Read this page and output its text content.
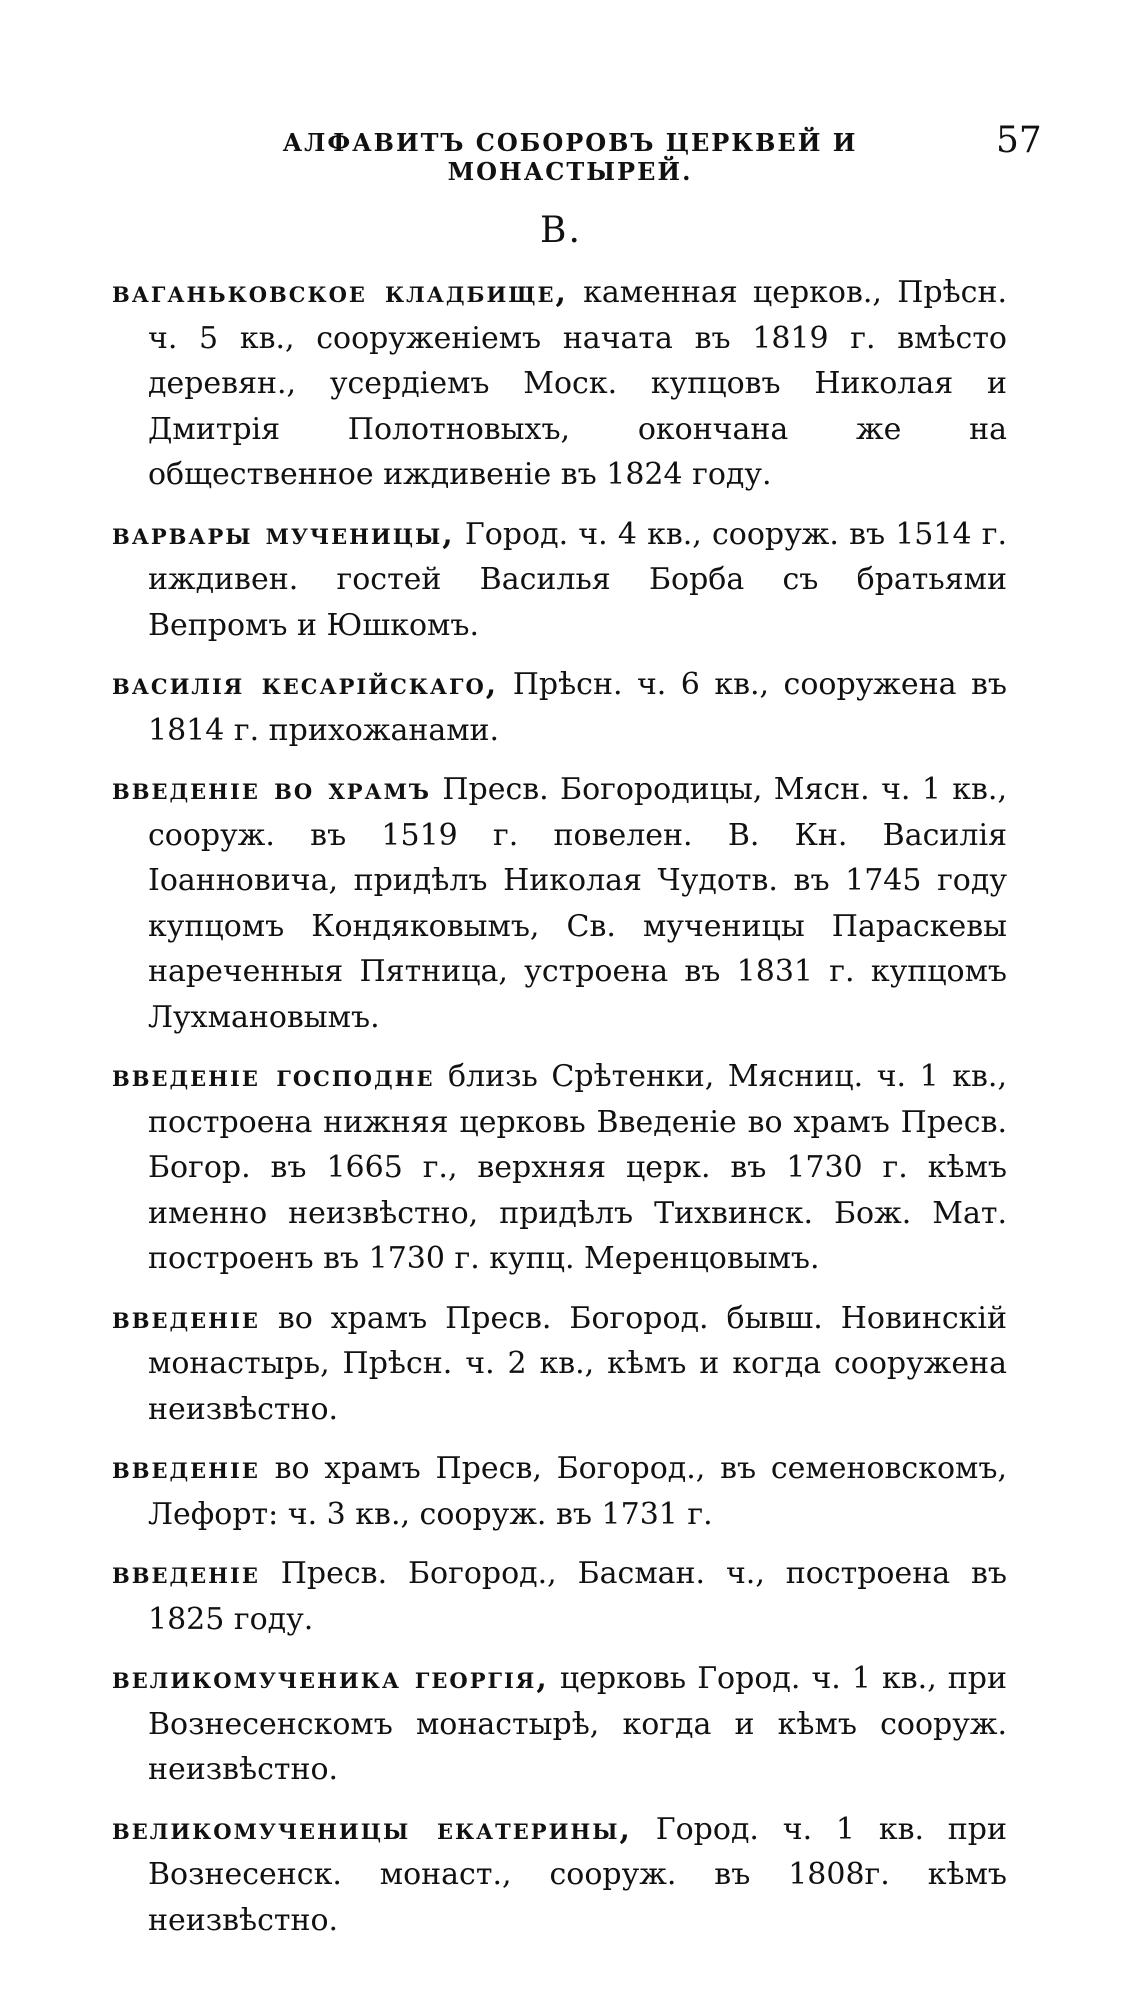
АЛФАВИТЪ СОБОРОВЪ ЦЕРКВЕЙ И МОНАСТЫРЕЙ.
57
В.

ваганьковское кладбище, каменная церков., Прѣсн. ч. 5 кв., сооруженіемъ начата въ 1819 г. вмѣсто деревян., усердіемъ Моск. купцовъ Николая и Дмитрія Полотновыхъ, окончана же на общественное иждивеніе въ 1824 году.

варвары мученицы, Город. ч. 4 кв., сооруж. въ 1514 г. иждивен. гостей Василья Борба съ братьями Вепромъ и Юшкомъ.

василія кесарійскаго, Прѣсн. ч. 6 кв., сооружена въ 1814 г. прихожанами.

введеніе во храмъ Пресв. Богородицы, Мясн. ч. 1 кв., сооруж. въ 1519 г. повелен. В. Кн. Василія Іоанновича, придѣлъ Николая Чудотв. въ 1745 году купцомъ Кондяковымъ, Св. мученицы Параскевы нареченныя Пятница, устроена въ 1831 г. купцомъ Лухмановымъ.

введеніе господне близь Срѣтенки, Мясниц. ч. 1 кв., построена нижняя церковь Введеніе во храмъ Пресв. Богор. въ 1665 г., верхняя церк. въ 1730 г. кѣмъ именно неизвѣстно, придѣлъ Тихвинск. Бож. Мат. построенъ въ 1730 г. купц. Меренцовымъ.

введеніе во храмъ Пресв. Богород. бывш. Новинскій монастырь, Прѣсн. ч. 2 кв., кѣмъ и когда сооружена неизвѣстно.

введеніе во храмъ Пресв, Богород., въ семеновскомъ, Лефорт: ч. 3 кв., сооруж. въ 1731 г.

введеніе Пресв. Богород., Басман. ч., построена въ 1825 году.

великомученика георгія, церковь Город. ч. 1 кв., при Вознесенскомъ монастырѣ, когда и кѣмъ сооруж. неизвѣстно.

великомученицы екатерины, Город. ч. 1 кв. при Вознесенск. монаст., сооруж. въ 1808г. кѣмъ неизвѣстно.
